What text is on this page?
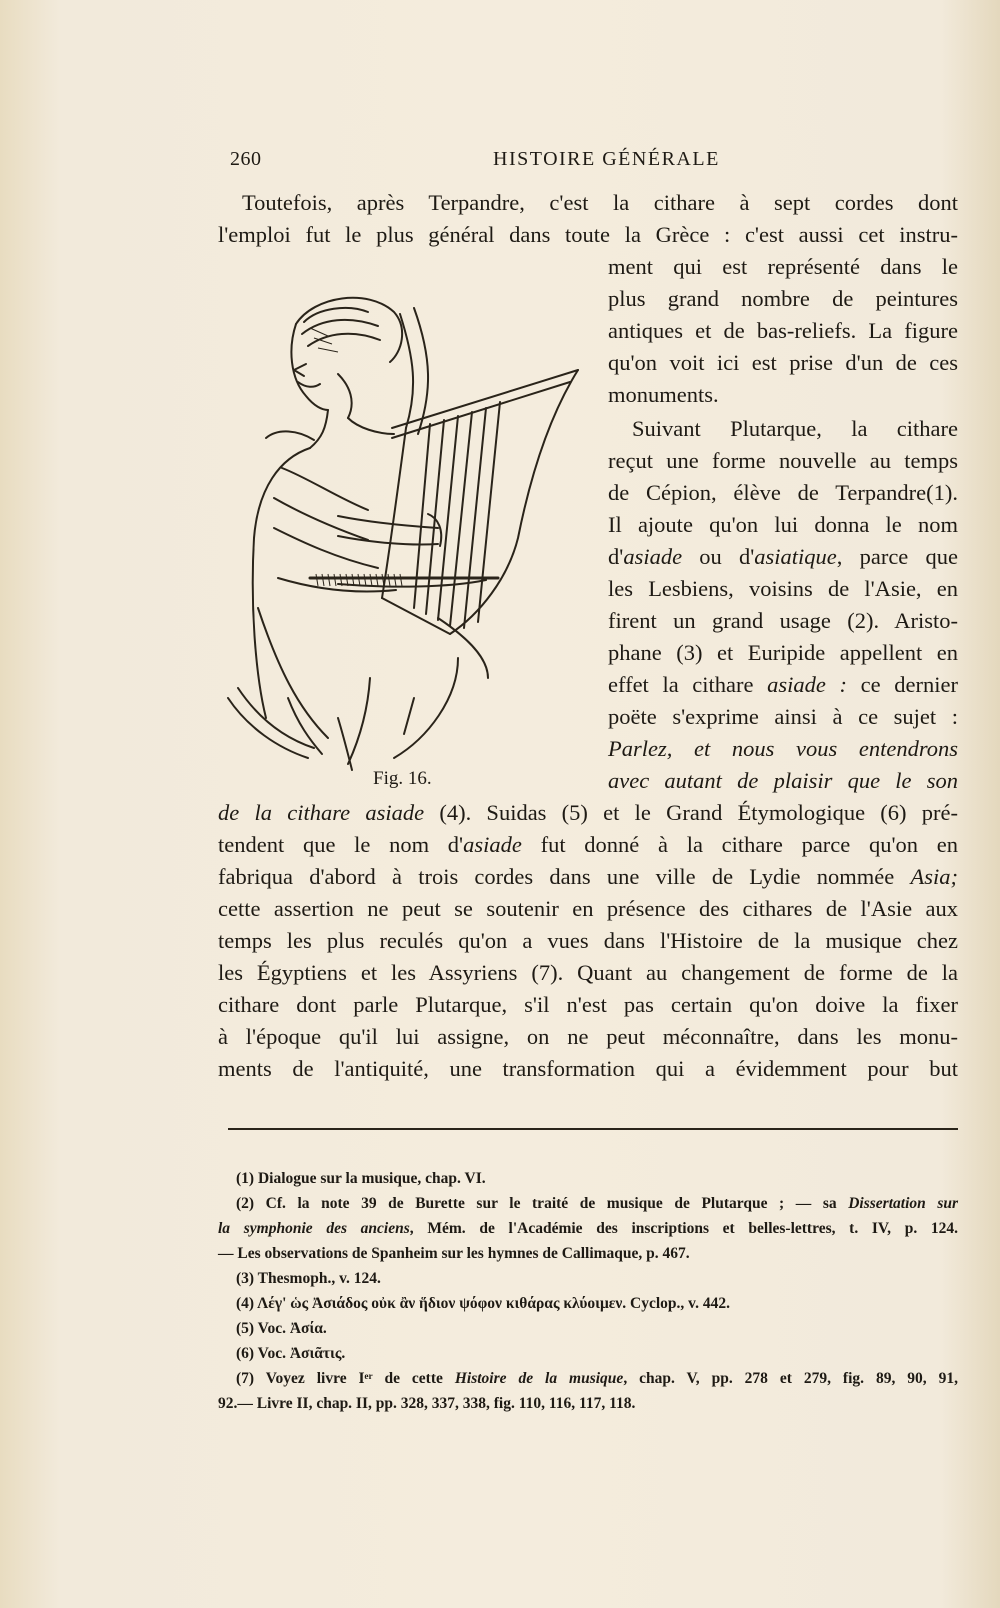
260	HISTOIRE GÉNÉRALE
Toutefois, après Terpandre, c'est la cithare à sept cordes dont
l'emploi fut le plus général dans toute la Grèce : c'est aussi cet instru-
ment qui est représenté dans le
plus grand nombre de peintures
antiques et de bas-reliefs. La figure
qu'on voit ici est prise d'un de ces
monuments.
Suivant Plutarque, la cithare
reçut une forme nouvelle au temps
de Cépion, élève de Terpandre(1).
Il ajoute qu'on lui donna le nom
d'asiade ou d'asiatique, parce que
les Lesbiens, voisins de l'Asie, en
firent un grand usage (2). Aristo-
phane (3) et Euripide appellent en
effet la cithare asiade : ce dernier
poëte s'exprime ainsi à ce sujet :
Parlez, et nous vous entendrons
avec autant de plaisir que le son
de la cithare asiade (4). Suidas (5) et le Grand Étymologique (6) pré-
tendent que le nom d'asiade fut donné à la cithare parce qu'on en
fabriqua d'abord à trois cordes dans une ville de Lydie nommée Asia;
cette assertion ne peut se soutenir en présence des cithares de l'Asie aux
temps les plus reculés qu'on a vues dans l'Histoire de la musique chez
les Égyptiens et les Assyriens (7). Quant au changement de forme de la
cithare dont parle Plutarque, s'il n'est pas certain qu'on doive la fixer
à l'époque qu'il lui assigne, on ne peut méconnaître, dans les monu-
ments de l'antiquité, une transformation qui a évidemment pour but
Fig. 16.
(1) Dialogue sur la musique, chap. VI.
(2) Cf. la note 39 de Burette sur le traité de musique de Plutarque ; — sa Dissertation sur
la symphonie des anciens, Mém. de l'Académie des inscriptions et belles-lettres, t. IV, p. 124.
— Les observations de Spanheim sur les hymnes de Callimaque, p. 467.
(3) Thesmoph., v. 124.
(4) Λέγ' ὡς Ἀσιάδος οὐκ ἂν ἥδιον ψόφον κιθάρας κλύοιμεν. Cyclop., v. 442.
(5) Voc. Ἀσία.
(6) Voc. Ἀσιᾶτις.
(7) Voyez livre Iᵉʳ de cette Histoire de la musique, chap. V, pp. 278 et 279, fig. 89, 90, 91,
92.— Livre II, chap. II, pp. 328, 337, 338, fig. 110, 116, 117, 118.
